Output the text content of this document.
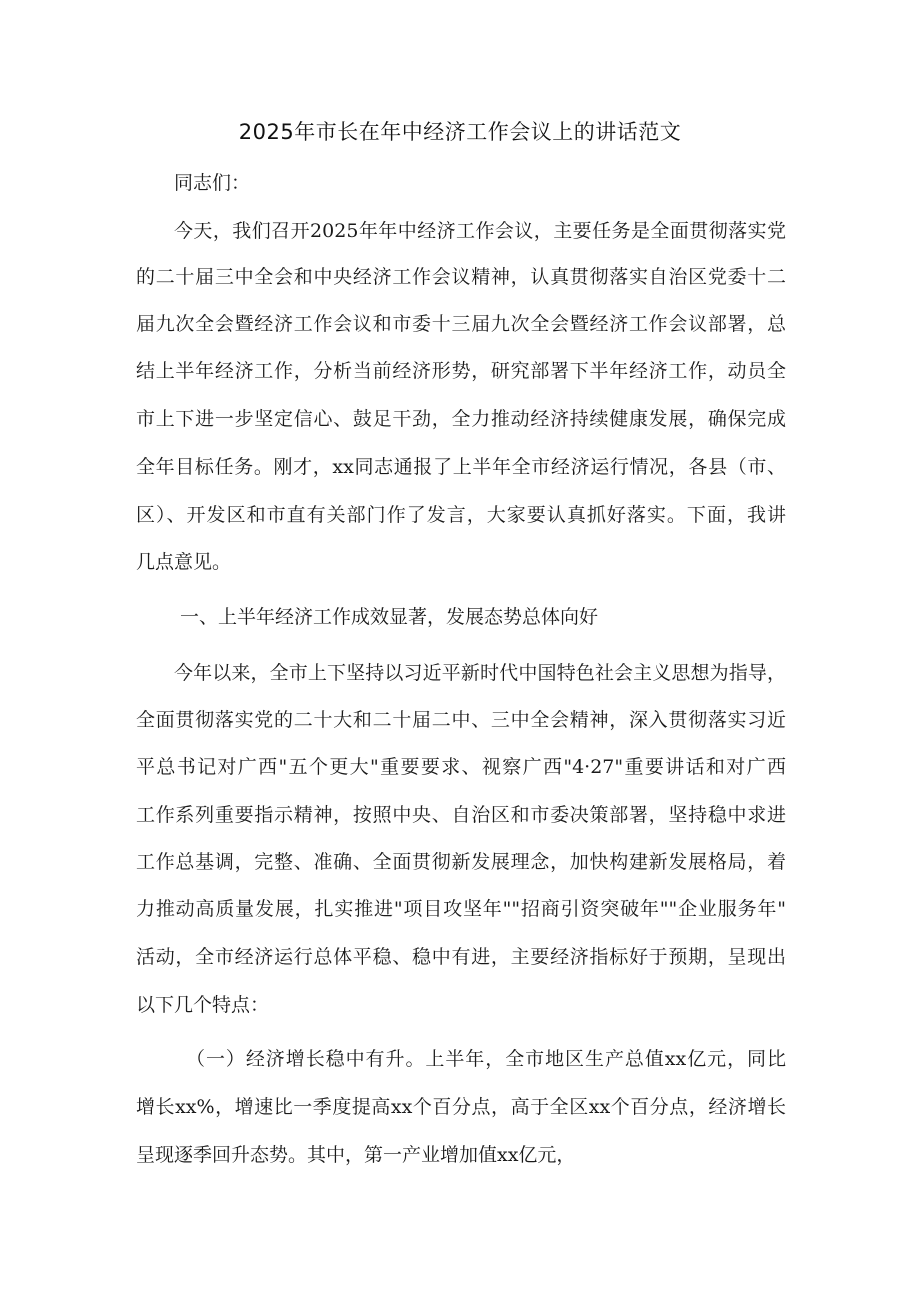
2025年市长在年中经济工作会议上的讲话范文
同志们：
今天，我们召开2025年年中经济工作会议，主要任务是全面贯彻落实党
的二十届三中全会和中央经济工作会议精神，认真贯彻落实自治区党委十二
届九次全会暨经济工作会议和市委十三届九次全会暨经济工作会议部署，总
结上半年经济工作，分析当前经济形势，研究部署下半年经济工作，动员全
市上下进一步坚定信心、鼓足干劲，全力推动经济持续健康发展，确保完成
全年目标任务。刚才，xx同志通报了上半年全市经济运行情况，各县（市、
区）、开发区和市直有关部门作了发言，大家要认真抓好落实。下面，我讲
几点意见。
一、上半年经济工作成效显著，发展态势总体向好
今年以来，全市上下坚持以习近平新时代中国特色社会主义思想为指导，
全面贯彻落实党的二十大和二十届二中、三中全会精神，深入贯彻落实习近
平总书记对广西"五个更大"重要要求、视察广西"4·27"重要讲话和对广西
工作系列重要指示精神，按照中央、自治区和市委决策部署，坚持稳中求进
工作总基调，完整、准确、全面贯彻新发展理念，加快构建新发展格局，着
力推动高质量发展，扎实推进"项目攻坚年""招商引资突破年""企业服务年"
活动，全市经济运行总体平稳、稳中有进，主要经济指标好于预期，呈现出
以下几个特点：
（一）经济增长稳中有升。上半年，全市地区生产总值xx亿元，同比
增长xx%，增速比一季度提高xx个百分点，高于全区xx个百分点，经济增长
呈现逐季回升态势。其中，第一产业增加值xx亿元，
